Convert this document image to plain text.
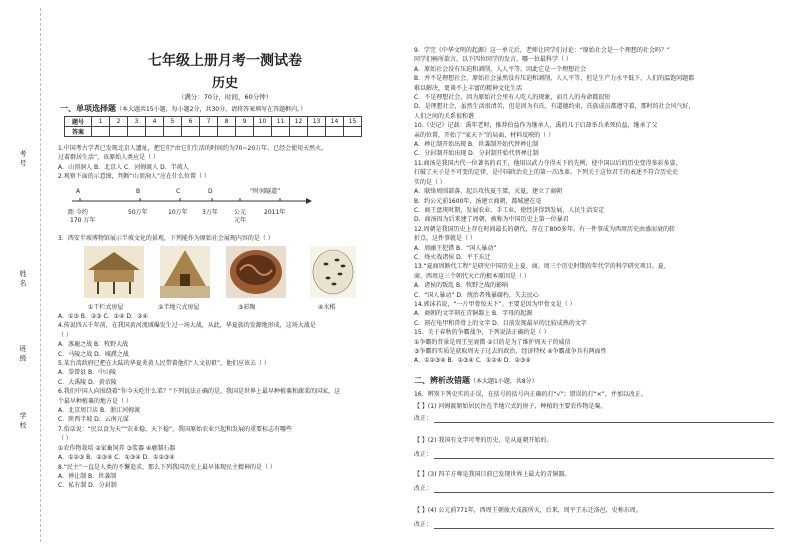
考 号
姓 名
班 级
学 校
七年级上册月考一测试卷
历史
（满分：70分，时间，60分钟）
一、单项选择题（本大题共15小题，每小题2分，共30分。请将答案填写在答题框内。）
题号	1	2	3	4	5	6	7	8	9	10	11	12	13	14	15
答案															
1.中国考古学者已发现北京人遗址，把它们“由它们生活的时间约为70~20万年，已经会使用天然火。
过着群居生活”，该原始人类应是（ ）
A．山顶洞人 B．北京人 C．河姆渡人 D．半坡人
2.观察下面的示意图，判断“山顶洞人”应在什么位置（ ）
A	B	C	D	“时间隧道”
距 今约	50万年	10万年 3万年	公元	2011年
170 万年	元年
3．西安半坡博物馆展示半坡文化的景观，下列能作为原始社会展现内容的是（ ）
①干栏式房屋	②半地穴式房屋	③彩陶	④水稻
A．①③ B．②③ C．①④ D．②④
4.传说四五千年前，在我国黄河流域爆发生过一场大战，从此，华夏族的发源地形成，这场大战是
（ ）
A．涿鹿之战 B．牧野大战
C．马陵之战 D．城濮之战
5.某台湾政府已把在大陆的华夏炎黄人民带着他们“人文初祖”，他们应该去（ ）
A．拳曾县 B．中山陵
C．大禹陵 D．黄帝陵
6.我们中国人向围绕着“你今天吃什么菜？”下列说法正确的是，我国是世界上最早种植粟和蔬菜的国家，这
个最早种植粟的地方是（ ）
A．北京周口店 B．浙江河姆渡
C．陕西半坡 D．云南元谋
7.俗话说：“民以食为天”“农业稳，天下稳”，我国原始农业兴起和发展的重要标志有哪些
（ ）
①农作物栽培 ②家畜饲养 ③浆器 ④磨制石器
A．①②③ B．②③④ C．①③④ D．①②③④
8.“民主”一直是人类的不懈追求，那么下列我国历史上最早体现民主精神的是（ ）
A．禅让制 B．世袭制
C．私有制 D．分封制
9．学完《中华文明的起源》这一单元后，老师让同学们讨论：“原始社会是一个理想的社会吗？”
同学们畅所欲言，以下四位同学的发言，哪一位最科学（ ）
A．原始社会没有压迫和剥削，人人平等，因此它是一个理想社会
B．并不是理想社会，原始社会虽然没有压迫和剥削，人人平等，但是生产力水平低下，人们的温饱问题都
难以解决，更谈不上丰富的精神文化生活
C．不是理想社会，因为原始社会里有人吃人的现象，而且人的寿命都很短
D．是理想社会，虽然生活很清苦，但是因为有氏、有道德约束，氏族成员都遵守着，那时的社会风气好，
人们之间的关系很和谐
10.《史记》记载：禹年老时，推荐伯益作为继承人，禹的儿子启却举兵杀死伯益，继承了父
亲的位置，开始了“家天下”的局面，材料反映的（ ）
A．禅让制开始出现 B．世袭制开始代替禅让制
C．分封制开始出现 D．分封制开始代替禅让制
11.商汤是我国古代一位著名的君王，他用以武力夺得天下的先例，使中国以后的历史变得多彩多姿，
打破了天子是不可变的定律，是中国政治史上的第一次改革。下列关于这位君王的表述不符合历史史
实的是（ ）
A．联络周围部落，起兵攻伐夏王桀，灭夏，建立了商朝
B．约公元前1600年，汤建立商朝，都城建在亳
C．商王盘庚时期，发展农业、手工业，使经济得到发展，人民生活安定
D．商汤因为后来建了周朝，被称为中国历史上第一位暴君
12.周朝是我国历史上存在时间最长的朝代，存在了800多年。有一件事成为西周历史由盛而衰的转
折点，这件事就是（ ）
A．周幽王犯错 B．“国人暴动”
C．烽火戏诸侯 D．平王东迁
13.“夏商周断代工程”是研究中国历史上夏、商、周三个历史时期的年代学的科学研究项目。夏、
商、西周这三个朝代灭亡的根本原因是（ ）
A．诸侯的叛乱 B．牧野之战的影响
C．“国人暴动” D．统治者残暴腐朽，失去民心
14.郭沫若说，“一片甲骨惊天下”。主要是因为甲骨文是（ ）
A．商朝的文字刻在青铜器上 B．字母的起源
C．刻在龟甲和兽骨上的文字 D．目前发现最早的比较成熟的文字
15．关于春秋的争霸战争，下列说法正确的是（ ）
①争霸的背景是周王室衰微 ②目的是为了维护周天子的威信
③争霸的实质是获取周天子过去的政治、经济特权 ④争霸战争具有两面性
A．①②③④ B．①③④ C．①②④ D．②③④
二、辨析改错题（本大题1小题，共8分）
16．辨别下列史实的正误，在括号的括号内正确的打“√”；错误的打“×”，并加以改正。
【 】(1) 河姆渡原始居民住在半地穴式的房子，种植的主要农作物是粟。
改正：
【 】(2) 我国有文字可考的历史，是从夏朝开始的。
改正：
【 】(3) 四羊方尊是我国目前已发现世界上最大的青铜器。
改正：
【 】(4) 公元前771年，西周王朝彼犬戎族所灭，后来，周平王东迁洛邑，史称东周。
改正：
